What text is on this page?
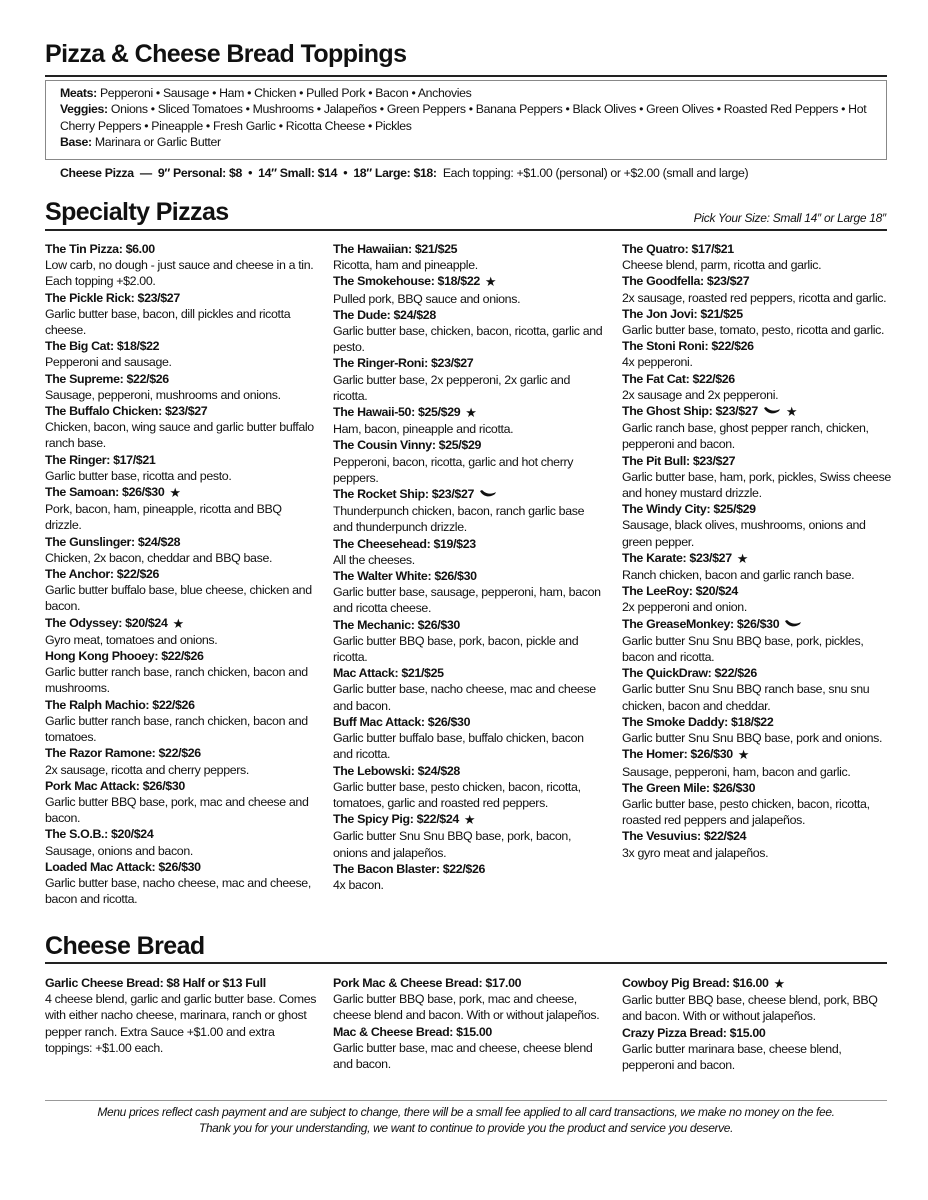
Pizza & Cheese Bread Toppings
Meats: Pepperoni • Sausage • Ham • Chicken • Pulled Pork • Bacon • Anchovies
Veggies: Onions • Sliced Tomatoes • Mushrooms • Jalapeños • Green Peppers • Banana Peppers • Black Olives • Green Olives • Roasted Red Peppers • Hot Cherry Peppers • Pineapple • Fresh Garlic • Ricotta Cheese • Pickles
Base: Marinara or Garlic Butter
Cheese Pizza  —  9″ Personal: $8  •  14″ Small: $14  •  18″ Large: $18: Each topping: +$1.00 (personal) or +$2.00 (small and large)
Specialty Pizzas	Pick Your Size: Small 14″ or Large 18″
The Tin Pizza: $6.00
Low carb, no dough - just sauce and cheese in a tin. Each topping +$2.00.
The Pickle Rick: $23/$27
Garlic butter base, bacon, dill pickles and ricotta cheese.
The Big Cat: $18/$22
Pepperoni and sausage.
The Supreme: $22/$26
Sausage, pepperoni, mushrooms and onions.
The Buffalo Chicken: $23/$27
Chicken, bacon, wing sauce and garlic butter buffalo ranch base.
The Ringer: $17/$21
Garlic butter base, ricotta and pesto.
The Samoan: $26/$30 ★
Pork, bacon, ham, pineapple, ricotta and BBQ drizzle.
The Gunslinger: $24/$28
Chicken, 2x bacon, cheddar and BBQ base.
The Anchor: $22/$26
Garlic butter buffalo base, blue cheese, chicken and bacon.
The Odyssey: $20/$24 ★
Gyro meat, tomatoes and onions.
Hong Kong Phooey: $22/$26
Garlic butter ranch base, ranch chicken, bacon and mushrooms.
The Ralph Machio: $22/$26
Garlic butter ranch base, ranch chicken, bacon and tomatoes.
The Razor Ramone: $22/$26
2x sausage, ricotta and cherry peppers.
Pork Mac Attack: $26/$30
Garlic butter BBQ base, pork, mac and cheese and bacon.
The S.O.B.: $20/$24
Sausage, onions and bacon.
Loaded Mac Attack: $26/$30
Garlic butter base, nacho cheese, mac and cheese, bacon and ricotta.
The Hawaiian: $21/$25
Ricotta, ham and pineapple.
The Smokehouse: $18/$22 ★
Pulled pork, BBQ sauce and onions.
The Dude: $24/$28
Garlic butter base, chicken, bacon, ricotta, garlic and pesto.
The Ringer-Roni: $23/$27
Garlic butter base, 2x pepperoni, 2x garlic and ricotta.
The Hawaii-50: $25/$29 ★
Ham, bacon, pineapple and ricotta.
The Cousin Vinny: $25/$29
Pepperoni, bacon, ricotta, garlic and hot cherry peppers.
The Rocket Ship: $23/$27
Thunderpunch chicken, bacon, ranch garlic base and thunderpunch drizzle.
The Cheesehead: $19/$23
All the cheeses.
The Walter White: $26/$30
Garlic butter base, sausage, pepperoni, ham, bacon and ricotta cheese.
The Mechanic: $26/$30
Garlic butter BBQ base, pork, bacon, pickle and ricotta.
Mac Attack: $21/$25
Garlic butter base, nacho cheese, mac and cheese and bacon.
Buff Mac Attack: $26/$30
Garlic butter buffalo base, buffalo chicken, bacon and ricotta.
The Lebowski: $24/$28
Garlic butter base, pesto chicken, bacon, ricotta, tomatoes, garlic and roasted red peppers.
The Spicy Pig: $22/$24 ★
Garlic butter Snu Snu BBQ base, pork, bacon, onions and jalapeños.
The Bacon Blaster: $22/$26
4x bacon.
The Quatro: $17/$21
Cheese blend, parm, ricotta and garlic.
The Goodfella: $23/$27
2x sausage, roasted red peppers, ricotta and garlic.
The Jon Jovi: $21/$25
Garlic butter base, tomato, pesto, ricotta and garlic.
The Stoni Roni: $22/$26
4x pepperoni.
The Fat Cat: $22/$26
2x sausage and 2x pepperoni.
The Ghost Ship: $23/$27 ★
Garlic ranch base, ghost pepper ranch, chicken, pepperoni and bacon.
The Pit Bull: $23/$27
Garlic butter base, ham, pork, pickles, Swiss cheese and honey mustard drizzle.
The Windy City: $25/$29
Sausage, black olives, mushrooms, onions and green pepper.
The Karate: $23/$27 ★
Ranch chicken, bacon and garlic ranch base.
The LeeRoy: $20/$24
2x pepperoni and onion.
The GreaseMonkey: $26/$30
Garlic butter Snu Snu BBQ base, pork, pickles, bacon and ricotta.
The QuickDraw: $22/$26
Garlic butter Snu Snu BBQ ranch base, snu snu chicken, bacon and cheddar.
The Smoke Daddy: $18/$22
Garlic butter Snu Snu BBQ base, pork and onions.
The Homer: $26/$30 ★
Sausage, pepperoni, ham, bacon and garlic.
The Green Mile: $26/$30
Garlic butter base, pesto chicken, bacon, ricotta, roasted red peppers and jalapeños.
The Vesuvius: $22/$24
3x gyro meat and jalapeños.
Cheese Bread
Garlic Cheese Bread: $8 Half or $13 Full
4 cheese blend, garlic and garlic butter base. Comes with either nacho cheese, marinara, ranch or ghost pepper ranch. Extra Sauce +$1.00 and extra toppings: +$1.00 each.
Pork Mac & Cheese Bread: $17.00
Garlic butter BBQ base, pork, mac and cheese, cheese blend and bacon. With or without jalapeños.
Mac & Cheese Bread: $15.00
Garlic butter base, mac and cheese, cheese blend and bacon.
Cowboy Pig Bread: $16.00 ★
Garlic butter BBQ base, cheese blend, pork, BBQ and bacon. With or without jalapeños.
Crazy Pizza Bread: $15.00
Garlic butter marinara base, cheese blend, pepperoni and bacon.
Menu prices reflect cash payment and are subject to change, there will be a small fee applied to all card transactions, we make no money on the fee.
Thank you for your understanding, we want to continue to provide you the product and service you deserve.
